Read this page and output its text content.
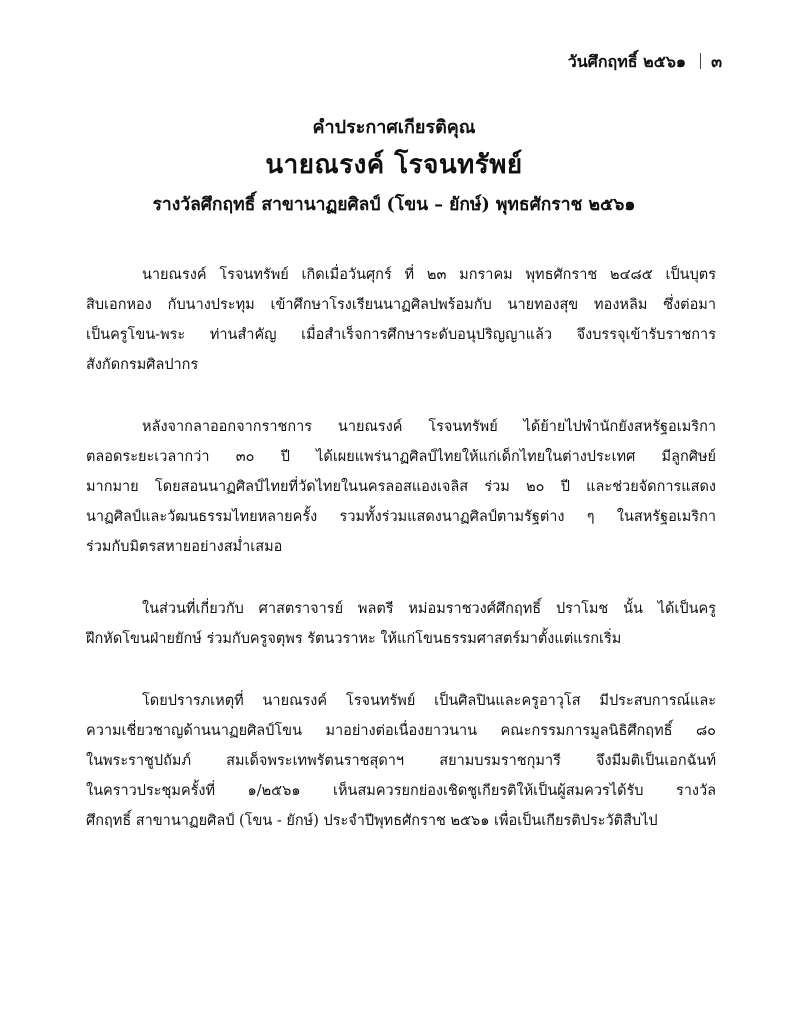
วันศึกฤทธิ์ ๒๕๖๑ ๓
คำประกาศเกียรติคุณ
นายณรงค์ โรจนทรัพย์
รางวัลศึกฤทธิ์ สาขานาฏยศิลป์ (โขน – ยักษ์) พุทธศักราช ๒๕๖๑
นายณรงค์ โรจนทรัพย์ เกิดเมื่อวันศุกร์ ที่ ๒๓ มกราคม พุทธศักราช ๒๔๘๕ เป็นบุตร
สิบเอกหอง กับนางประทุม เข้าศึกษาโรงเรียนนาฏศิลปพร้อมกับ นายทองสุข ทองหลิม ซึ่งต่อมา
เป็นครูโขน-พระ ท่านสำคัญ เมื่อสำเร็จการศึกษาระดับอนุปริญญาแล้ว จึงบรรจุเข้ารับราชการ
สังกัดกรมศิลปากร
หลังจากลาออกจากราชการ นายณรงค์ โรจนทรัพย์ ได้ย้ายไปพำนักยังสหรัฐอเมริกา
ตลอดระยะเวลากว่า ๓๐ ปี ได้เผยแพร่นาฏศิลป์ไทยให้แก่เด็กไทยในต่างประเทศ มีลูกศิษย์
มากมาย โดยสอนนาฏศิลป์ไทยที่วัดไทยในนครลอสแองเจลิส ร่วม ๒๐ ปี และช่วยจัดการแสดง
นาฏศิลป์และวัฒนธรรมไทยหลายครั้ง รวมทั้งร่วมแสดงนาฏศิลป์ตามรัฐต่าง ๆ ในสหรัฐอเมริกา
ร่วมกับมิตรสหายอย่างสม่ำเสมอ
ในส่วนที่เกี่ยวกับ ศาสตราจารย์ พลตรี หม่อมราชวงศ์ศึกฤทธิ์ ปราโมช นั้น ได้เป็นครู
ฝึกหัดโขนฝ่ายยักษ์ ร่วมกับครูจตุพร รัตนวราหะ ให้แก่โขนธรรมศาสตร์มาตั้งแต่แรกเริ่ม
โดยปรารภเหตุที่ นายณรงค์ โรจนทรัพย์ เป็นศิลปินและครูอาวุโส มีประสบการณ์และ
ความเชี่ยวชาญด้านนาฏยศิลป์โขน มาอย่างต่อเนื่องยาวนาน คณะกรรมการมูลนิธิศึกฤทธิ์ ๘๐
ในพระราชูปถัมภ์ สมเด็จพระเทพรัตนราชสุดาฯ สยามบรมราชกุมารี จึงมีมติเป็นเอกฉันท์
ในคราวประชุมครั้งที่ ๑/๒๕๖๑ เห็นสมควรยกย่องเชิดชูเกียรติให้เป็นผู้สมควรได้รับ รางวัล
ศึกฤทธิ์ สาขานาฏยศิลป์ (โขน - ยักษ์) ประจำปีพุทธศักราช ๒๕๖๑ เพื่อเป็นเกียรติประวัติสืบไป
